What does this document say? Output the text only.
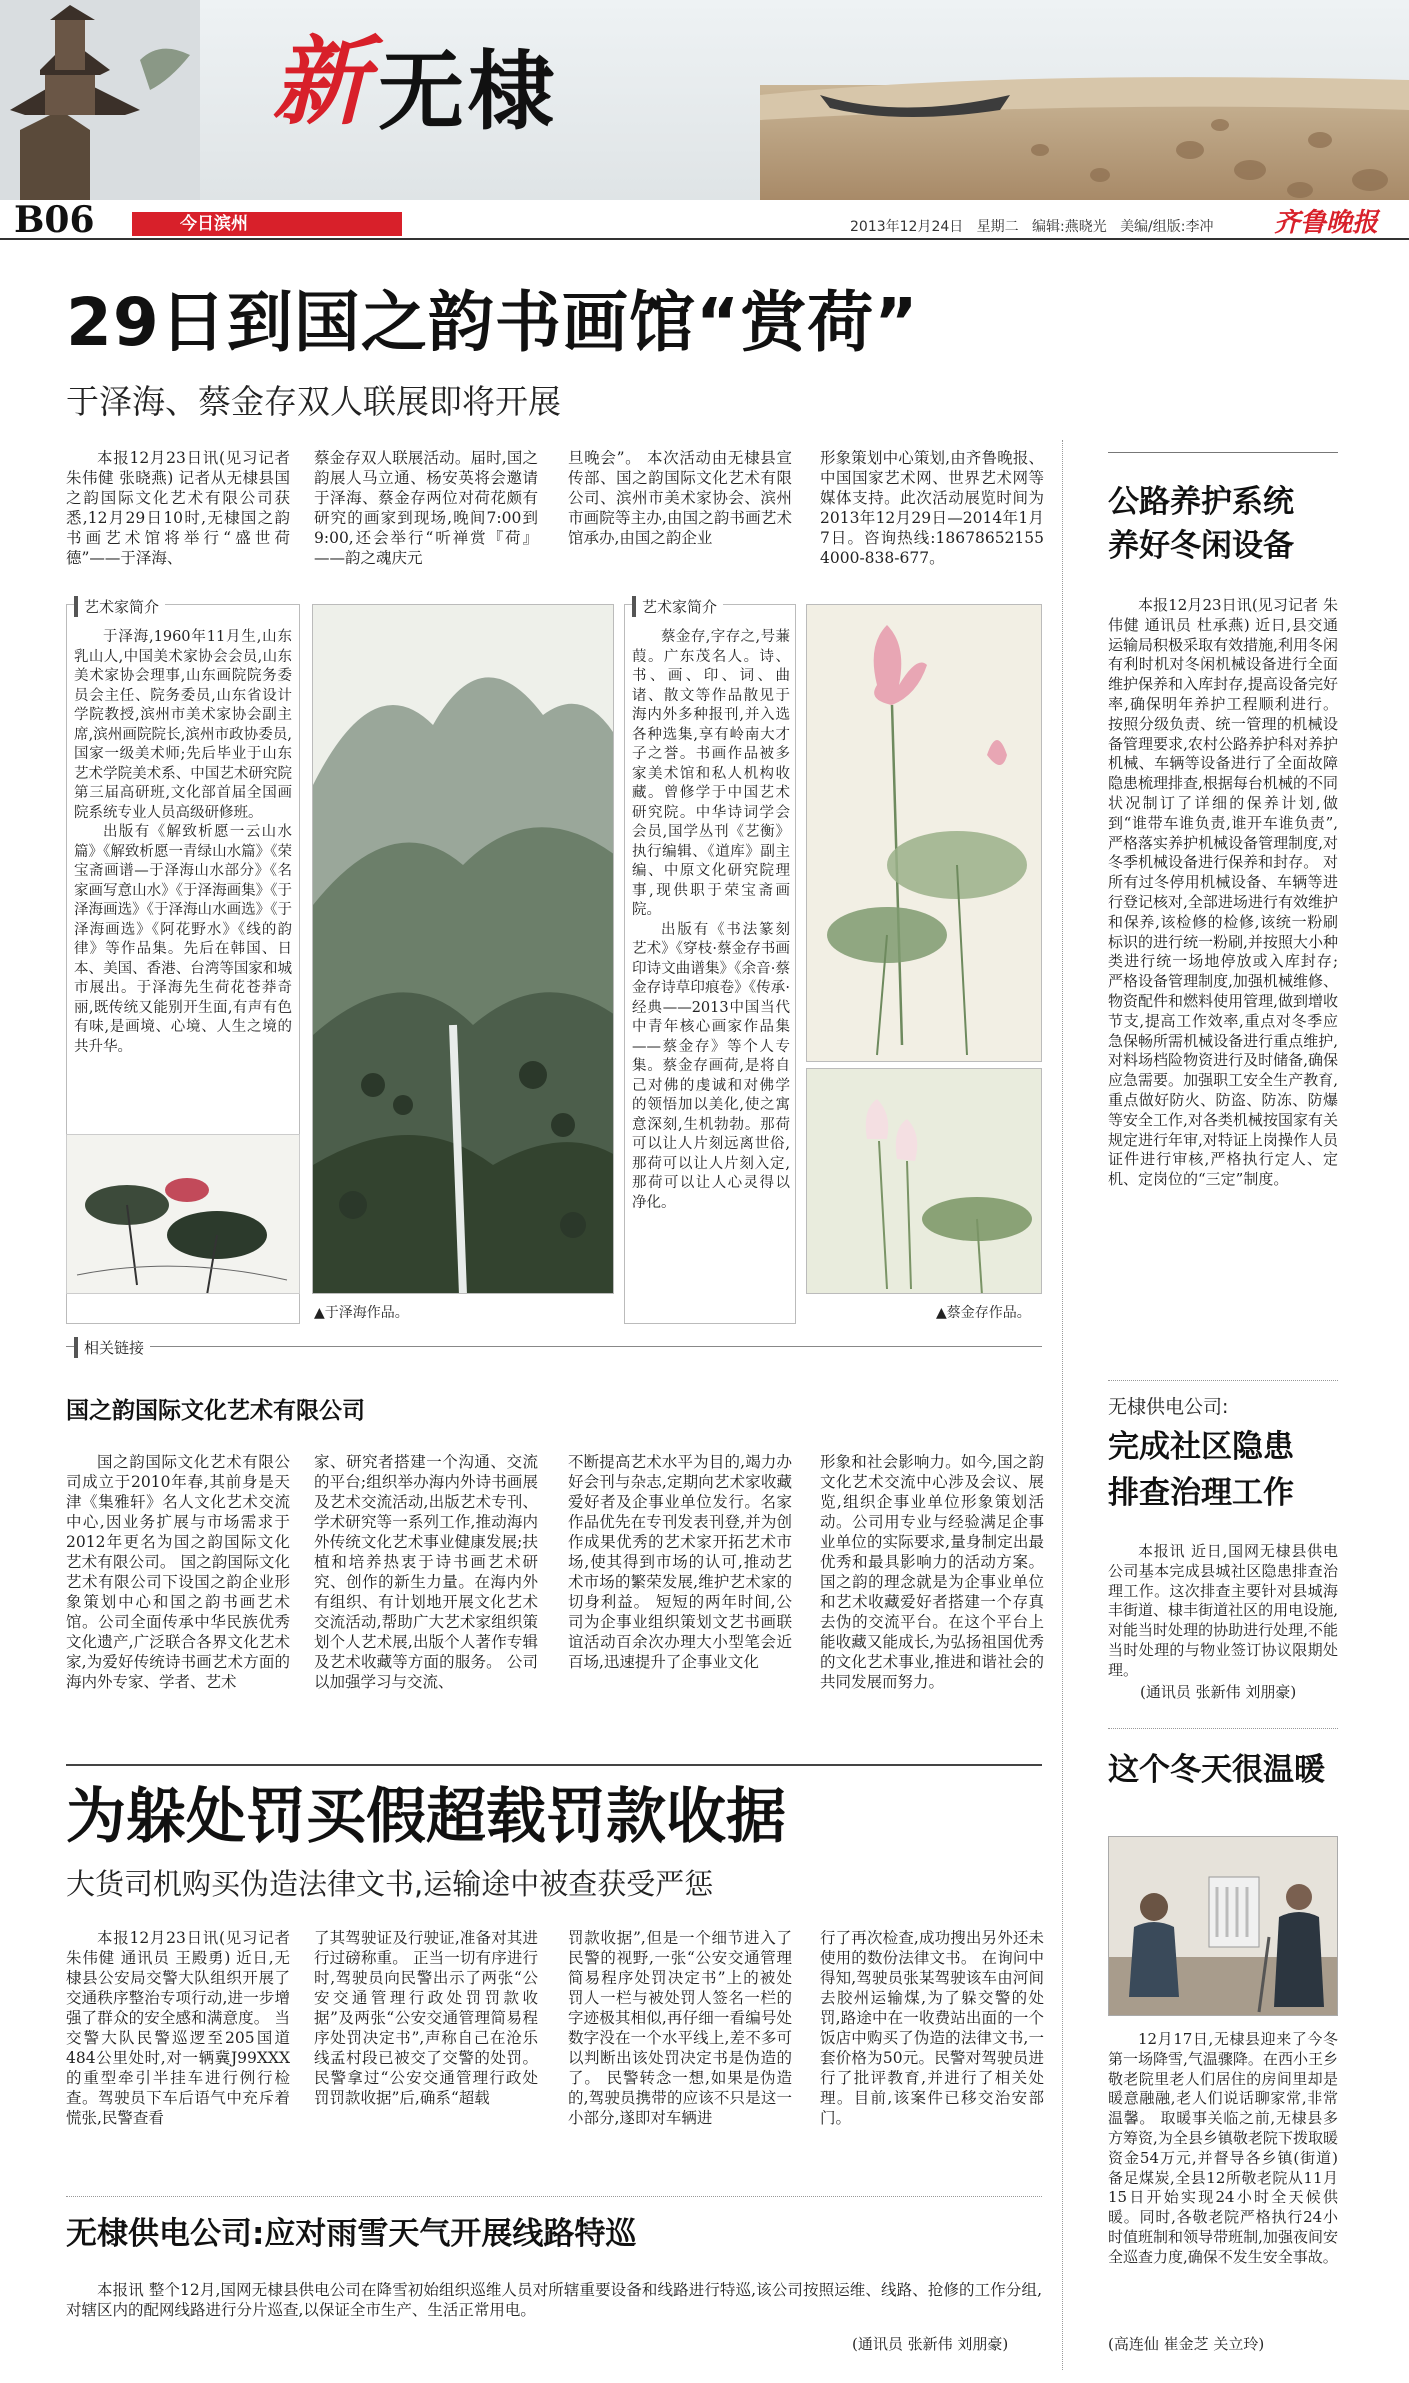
新 无棣
B06	今日滨州	2013年12月24日 星期二 编辑:燕晓光 美编/组版:李冲 齐鲁晚报
29日到国之韵书画馆“赏荷”
于泽海、蔡金存双人联展即将开展

本报12月23日讯(见习记者 朱伟健 张晓燕) 记者从无棣县国之韵国际文化艺术有限公司获悉,12月29日10时,无棣国之韵书画艺术馆将举行“盛世荷德”——于泽海、

蔡金存双人联展活动。届时,国之韵展人马立通、杨安英将会邀请于泽海、蔡金存两位对荷花颇有研究的画家到现场,晚间7:00到9:00,还会举行“听禅赏『荷』——韵之魂庆元

旦晚会”。 本次活动由无棣县宣传部、国之韵国际文化艺术有限公司、滨州市美术家协会、滨州市画院等主办,由国之韵书画艺术馆承办,由国之韵企业

形象策划中心策划,由齐鲁晚报、中国国家艺术网、世界艺术网等媒体支持。此次活动展览时间为2013年12月29日—2014年1月7日。咨询热线:18678652155 4000-838-677。

艺术家简介

于泽海,1960年11月生,山东乳山人,中国美术家协会会员,山东美术家协会理事,山东画院院务委员会主任、院务委员,山东省设计学院教授,滨州市美术家协会副主席,滨州画院院长,滨州市政协委员,国家一级美术师;先后毕业于山东艺术学院美术系、中国艺术研究院第三届高研班,文化部首届全国画院系统专业人员高级研修班。

出版有《解致析愿一云山水篇》《解致析愿一青绿山水篇》《荣宝斋画谱—于泽海山水部分》《名家画写意山水》《于泽海画集》《于泽海画选》《于泽海山水画选》《于泽海画选》《阿花野水》《线的韵律》等作品集。先后在韩国、日本、美国、香港、台湾等国家和城市展出。于泽海先生荷花苍莽奇丽,既传统又能别开生面,有声有色有味,是画境、心境、人生之境的共升华。

▲于泽海作品。
艺术家简介

蔡金存,字存之,号蒹葭。广东茂名人。诗、书、画、印、词、曲诸、散文等作品散见于海内外多种报刊,并入选各种选集,享有岭南大才子之誉。书画作品被多家美术馆和私人机构收藏。曾修学于中国艺术研究院。中华诗词学会会员,国学丛刊《艺衡》执行编辑、《道库》副主编、中原文化研究院理事,现供职于荣宝斋画院。

出版有《书法篆刻艺术》《穿枝·蔡金存书画印诗文曲谱集》《余音·蔡金存诗草印痕卷》《传承·经典——2013中国当代中青年核心画家作品集——蔡金存》等个人专集。蔡金存画荷,是将自己对佛的虔诚和对佛学的领悟加以美化,使之寓意深刻,生机勃勃。那荷可以让人片刻远离世俗,那荷可以让人片刻入定,那荷可以让人心灵得以净化。

▲蔡金存作品。
相关链接
国之韵国际文化艺术有限公司

国之韵国际文化艺术有限公司成立于2010年春,其前身是天津《集雅轩》名人文化艺术交流中心,因业务扩展与市场需求于2012年更名为国之韵国际文化艺术有限公司。 国之韵国际文化艺术有限公司下设国之韵企业形象策划中心和国之韵书画艺术馆。公司全面传承中华民族优秀文化遗产,广泛联合各界文化艺术家,为爱好传统诗书画艺术方面的海内外专家、学者、艺术

家、研究者搭建一个沟通、交流的平台;组织举办海内外诗书画展及艺术交流活动,出版艺术专刊、学术研究等一系列工作,推动海内外传统文化艺术事业健康发展;扶植和培养热衷于诗书画艺术研究、创作的新生力量。在海内外有组织、有计划地开展文化艺术交流活动,帮助广大艺术家组织策划个人艺术展,出版个人著作专辑及艺术收藏等方面的服务。 公司以加强学习与交流、

不断提高艺术水平为目的,竭力办好会刊与杂志,定期向艺术家收藏爱好者及企事业单位发行。名家作品优先在专刊发表刊登,并为创作成果优秀的艺术家开拓艺术市场,使其得到市场的认可,推动艺术市场的繁荣发展,维护艺术家的切身利益。 短短的两年时间,公司为企事业组织策划文艺书画联谊活动百余次办理大小型笔会近百场,迅速提升了企事业文化

形象和社会影响力。如今,国之韵文化艺术交流中心涉及会议、展览,组织企事业单位形象策划活动。公司用专业与经验满足企事业单位的实际要求,量身制定出最优秀和最具影响力的活动方案。国之韵的理念就是为企事业单位和艺术收藏爱好者搭建一个存真去伪的交流平台。在这个平台上能收藏又能成长,为弘扬祖国优秀的文化艺术事业,推进和谐社会的共同发展而努力。

为躲处罚买假超载罚款收据
大货司机购买伪造法律文书,运输途中被查获受严惩

本报12月23日讯(见习记者 朱伟健 通讯员 王殿勇) 近日,无棣县公安局交警大队组织开展了交通秩序整治专项行动,进一步增强了群众的安全感和满意度。 当交警大队民警巡逻至205国道484公里处时,对一辆冀J99XXX的重型牵引半挂车进行例行检查。驾驶员下车后语气中充斥着慌张,民警查看

了其驾驶证及行驶证,准备对其进行过磅称重。 正当一切有序进行时,驾驶员向民警出示了两张“公安交通管理行政处罚罚款收据”及两张“公安交通管理简易程序处罚决定书”,声称自己在沧乐线孟村段已被交了交警的处罚。 民警拿过“公安交通管理行政处罚罚款收据”后,确系“超载

罚款收据”,但是一个细节进入了民警的视野,一张“公安交通管理简易程序处罚决定书”上的被处罚人一栏与被处罚人签名一栏的字迹极其相似,再仔细一看编号处数字没在一个水平线上,差不多可以判断出该处罚决定书是伪造的了。 民警转念一想,如果是伪造的,驾驶员携带的应该不只是这一小部分,遂即对车辆进

行了再次检查,成功搜出另外还未使用的数份法律文书。 在询问中得知,驾驶员张某驾驶该车由河间去胶州运输煤,为了躲交警的处罚,路途中在一收费站出面的一个饭店中购买了伪造的法律文书,一套价格为50元。民警对驾驶员进行了批评教育,并进行了相关处理。目前,该案件已移交治安部门。

无棣供电公司:应对雨雪天气开展线路特巡

本报讯 整个12月,国网无棣县供电公司在降雪初始组织巡维人员对所辖重要设备和线路进行特巡,该公司按照运维、线路、抢修的工作分组,对辖区内的配网线路进行分片巡查,以保证全市生产、生活正常用电。

(通讯员 张新伟 刘朋豪)
公路养护系统
养好冬闲设备

本报12月23日讯(见习记者 朱伟健 通讯员 杜承燕) 近日,县交通运输局积极采取有效措施,利用冬闲有利时机对冬闲机械设备进行全面维护保养和入库封存,提高设备完好率,确保明年养护工程顺利进行。 按照分级负责、统一管理的机械设备管理要求,农村公路养护科对养护机械、车辆等设备进行了全面故障隐患梳理排查,根据每台机械的不同状况制订了详细的保养计划,做到“谁带车谁负责,谁开车谁负责”,严格落实养护机械设备管理制度,对冬季机械设备进行保养和封存。 对所有过冬停用机械设备、车辆等进行登记核对,全部进场进行有效维护和保养,该检修的检修,该统一粉刷标识的进行统一粉刷,并按照大小种类进行统一场地停放或入库封存;严格设备管理制度,加强机械维修、物资配件和燃料使用管理,做到增收节支,提高工作效率,重点对冬季应急保畅所需机械设备进行重点维护,对料场档险物资进行及时储备,确保应急需要。加强职工安全生产教育,重点做好防火、防盗、防冻、防爆等安全工作,对各类机械按国家有关规定进行年审,对特证上岗操作人员证件进行审核,严格执行定人、定机、定岗位的“三定”制度。

无棣供电公司:
完成社区隐患
排查治理工作

本报讯 近日,国网无棣县供电公司基本完成县城社区隐患排查治理工作。这次排查主要针对县城海丰街道、棣丰街道社区的用电设施,对能当时处理的协助进行处理,不能当时处理的与物业签订协议限期处理。

(通讯员 张新伟 刘朋豪)
这个冬天很温暖

12月17日,无棣县迎来了今冬第一场降雪,气温骤降。在西小王乡敬老院里老人们居住的房间里却是暖意融融,老人们说话聊家常,非常温馨。 取暖事关临之前,无棣县多方筹资,为全县乡镇敬老院下拨取暖资金54万元,并督导各乡镇(街道)备足煤炭,全县12所敬老院从11月15日开始实现24小时全天候供暖。同时,各敬老院严格执行24小时值班制和领导带班制,加强夜间安全巡查力度,确保不发生安全事故。

(高连仙 崔金芝 关立玲)
